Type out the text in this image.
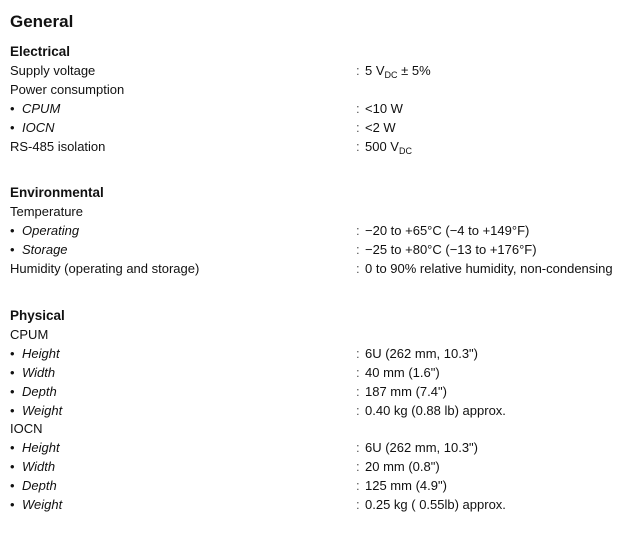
General
Electrical
Supply voltage	: 5 $V_{DC} \pm 5\%$
Power consumption
• CPUM	: <10 W
• IOCN	: <2 W
RS-485 isolation	: 500 $V_{DC}$
Environmental
Temperature
• Operating	: −20 to +65°C (−4 to +149°F)
• Storage	: −25 to +80°C (−13 to +176°F)
Humidity (operating and storage)	: 0 to 90% relative humidity, non-condensing
Physical
CPUM
• Height	: 6U (262 mm, 10.3")
• Width	: 40 mm (1.6")
• Depth	: 187 mm (7.4")
• Weight	: 0.40 kg (0.88 lb) approx.
IOCN
• Height	: 6U (262 mm, 10.3")
• Width	: 20 mm (0.8")
• Depth	: 125 mm (4.9")
• Weight	: 0.25 kg ( 0.55lb) approx.
